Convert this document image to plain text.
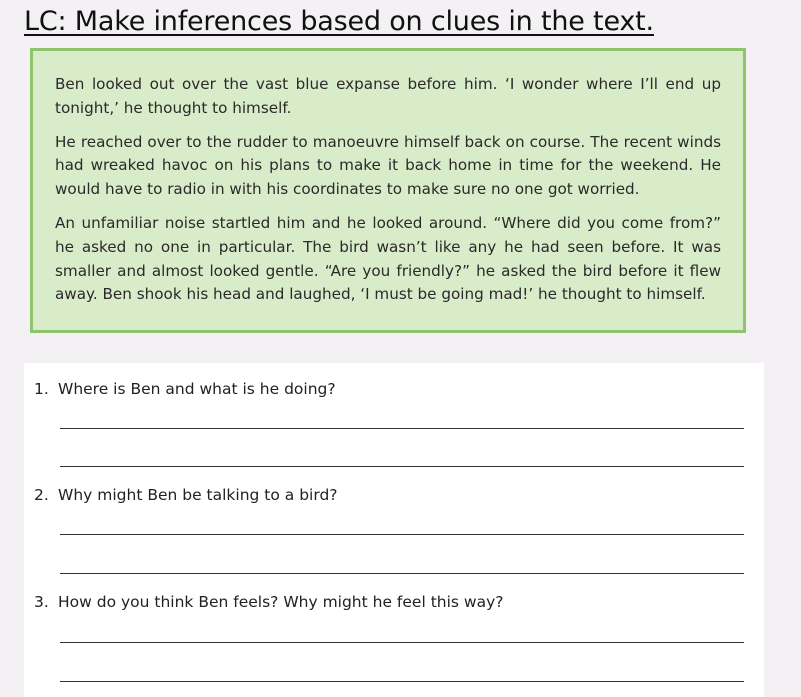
LC: Make inferences based on clues in the text.

Ben looked out over the vast blue expanse before him. ‘I wonder where I’ll end up tonight,’ he thought to himself.

He reached over to the rudder to manoeuvre himself back on course. The recent winds had wreaked havoc on his plans to make it back home in time for the weekend. He would have to radio in with his coordinates to make sure no one got worried.

An unfamiliar noise startled him and he looked around. “Where did you come from?” he asked no one in particular. The bird wasn’t like any he had seen before. It was smaller and almost looked gentle. “Are you friendly?” he asked the bird before it flew away. Ben shook his head and laughed, ‘I must be going mad!’ he thought to himself.

1. Where is Ben and what is he doing?
2. Why might Ben be talking to a bird?
3. How do you think Ben feels? Why might he feel this way?
